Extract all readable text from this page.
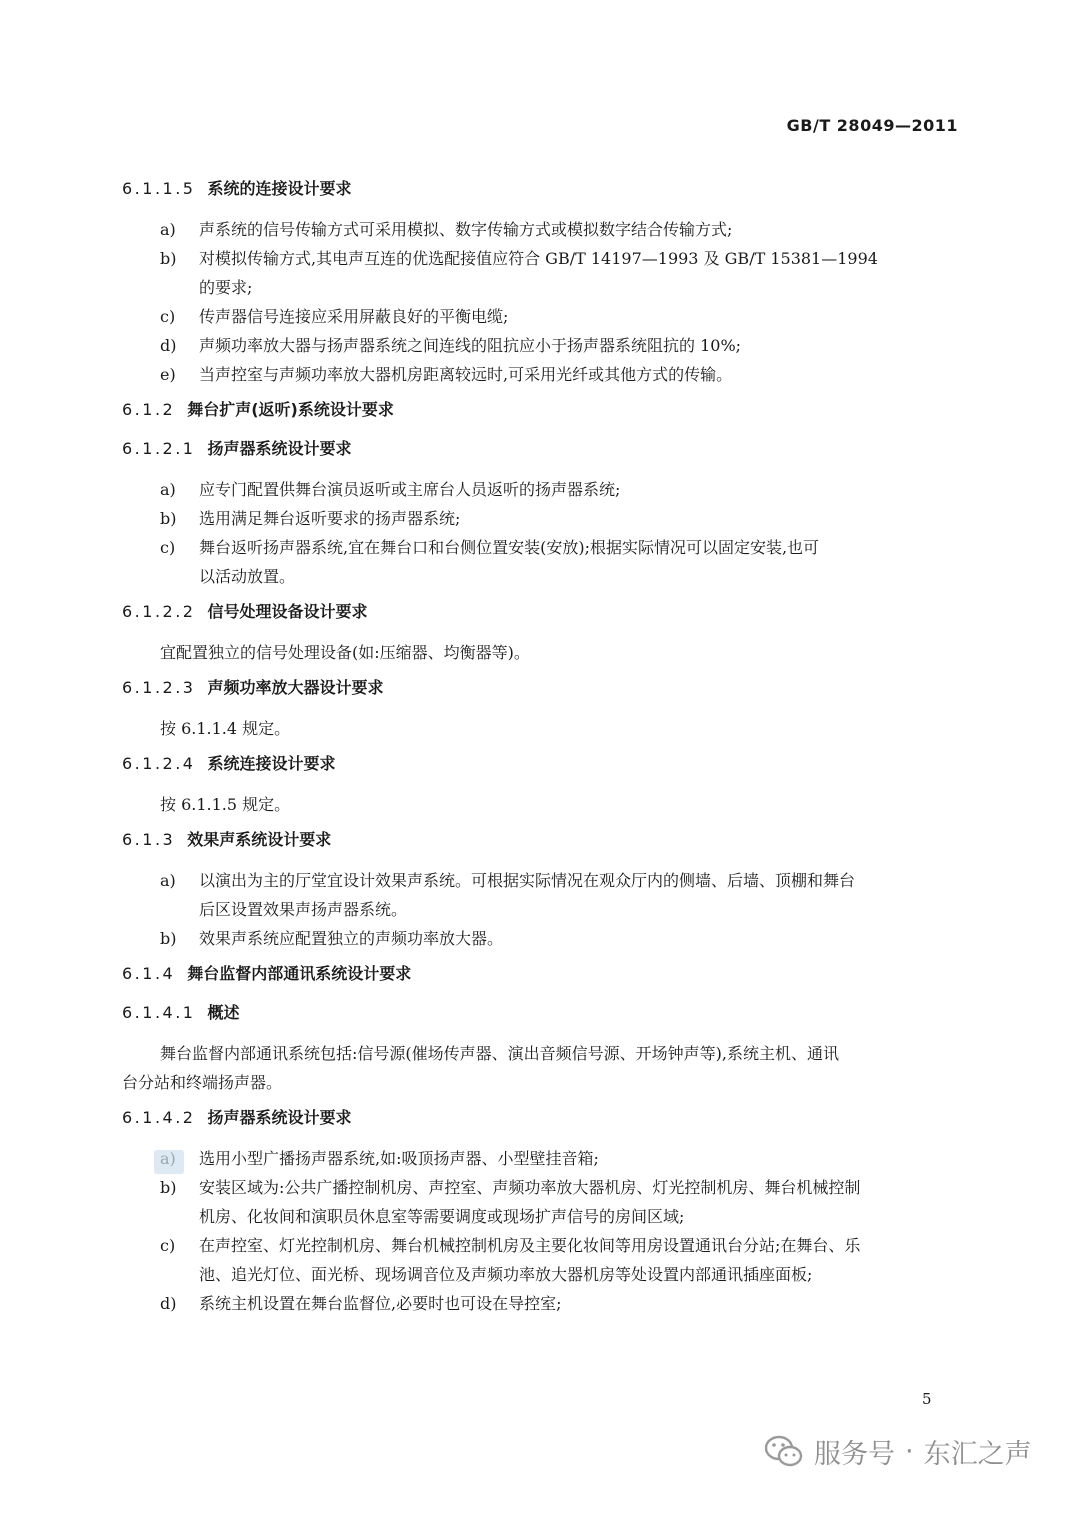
GB/T 28049—2011
6.1.1.5 系统的连接设计要求
a) 声系统的信号传输方式可采用模拟、数字传输方式或模拟数字结合传输方式;
b) 对模拟传输方式,其电声互连的优选配接值应符合 GB/T 14197—1993 及 GB/T 15381—1994
的要求;
c) 传声器信号连接应采用屏蔽良好的平衡电缆;
d) 声频功率放大器与扬声器系统之间连线的阻抗应小于扬声器系统阻抗的 10%;
e) 当声控室与声频功率放大器机房距离较远时,可采用光纤或其他方式的传输。
6.1.2 舞台扩声(返听)系统设计要求
6.1.2.1 扬声器系统设计要求
a) 应专门配置供舞台演员返听或主席台人员返听的扬声器系统;
b) 选用满足舞台返听要求的扬声器系统;
c) 舞台返听扬声器系统,宜在舞台口和台侧位置安装(安放);根据实际情况可以固定安装,也可
以活动放置。
6.1.2.2 信号处理设备设计要求

宜配置独立的信号处理设备(如:压缩器、均衡器等)。

6.1.2.3 声频功率放大器设计要求

按 6.1.1.4 规定。

6.1.2.4 系统连接设计要求

按 6.1.1.5 规定。

6.1.3 效果声系统设计要求
a) 以演出为主的厅堂宜设计效果声系统。可根据实际情况在观众厅内的侧墙、后墙、顶棚和舞台
后区设置效果声扬声器系统。
b) 效果声系统应配置独立的声频功率放大器。
6.1.4 舞台监督内部通讯系统设计要求
6.1.4.1 概述

舞台监督内部通讯系统包括:信号源(催场传声器、演出音频信号源、开场钟声等),系统主机、通讯

台分站和终端扬声器。

6.1.4.2 扬声器系统设计要求
选用小型广播扬声器系统,如:吸顶扬声器、小型壁挂音箱;
b) 安装区域为:公共广播控制机房、声控室、声频功率放大器机房、灯光控制机房、舞台机械控制
机房、化妆间和演职员休息室等需要调度或现场扩声信号的房间区域;
c) 在声控室、灯光控制机房、舞台机械控制机房及主要化妆间等用房设置通讯台分站;在舞台、乐
池、追光灯位、面光桥、现场调音位及声频功率放大器机房等处设置内部通讯插座面板;
d) 系统主机设置在舞台监督位,必要时也可设在导控室;
5
服务号 · 东汇之声
